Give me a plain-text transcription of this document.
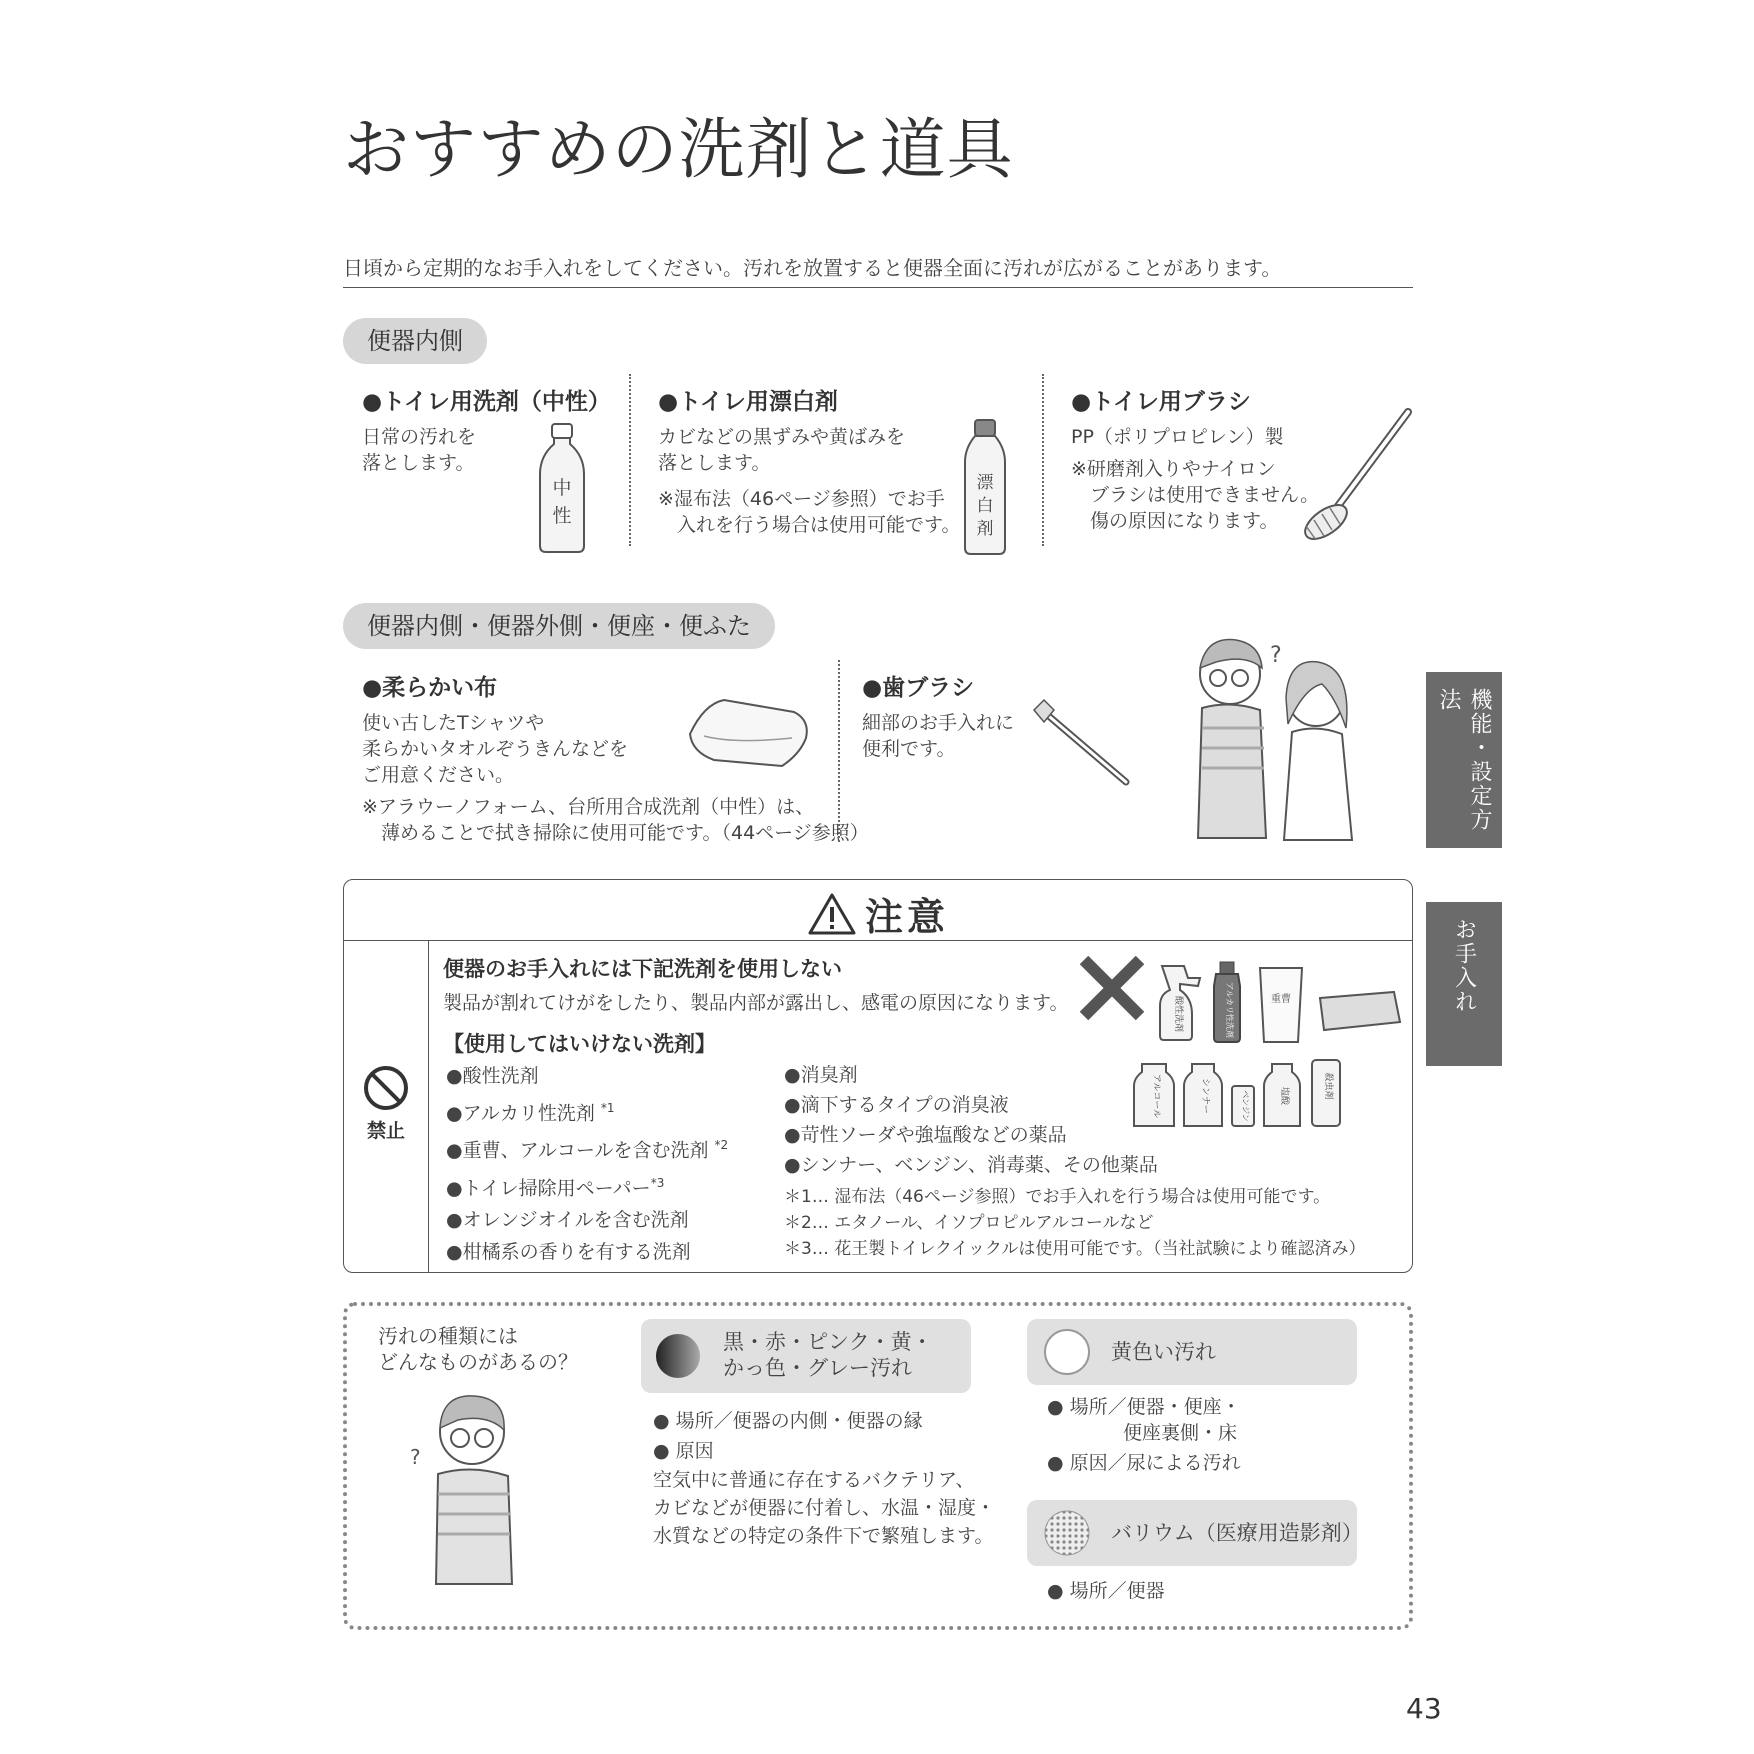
おすすめの洗剤と道具
日頃から定期的なお手入れをしてください。汚れを放置すると便器全面に汚れが広がることがあります。
便器内側
●トイレ用洗剤（中性）
日常の汚れを
落とします。
中
性
●トイレ用漂白剤
カビなどの黒ずみや黄ばみを
落とします。
※湿布法（46ページ参照）でお手
　入れを行う場合は使用可能です。
漂
白
剤
●トイレ用ブラシ
PP（ポリプロピレン）製
※研磨剤入りやナイロン
　ブラシは使用できません。
　傷の原因になります。
便器内側・便器外側・便座・便ふた
●柔らかい布
使い古したTシャツや
柔らかいタオルぞうきんなどを
ご用意ください。
※アラウーノフォーム、台所用合成洗剤（中性）は、
　薄めることで拭き掃除に使用可能です。（44ページ参照）
●歯ブラシ
細部のお手入れに
便利です。
?
機能・設定方法
お手入れ
注意
禁止
便器のお手入れには下記洗剤を使用しない
製品が割れてけがをしたり、製品内部が露出し、感電の原因になります。
【使用してはいけない洗剤】
●酸性洗剤
●アルカリ性洗剤 $^{*1}$
●重曹、アルコールを含む洗剤 $^{*2}$
●トイレ掃除用ペーパー$^{*3}$
●オレンジオイルを含む洗剤
●柑橘系の香りを有する洗剤
●消臭剤
●滴下するタイプの消臭液
●苛性ソーダや強塩酸などの薬品
●シンナー、ベンジン、消毒薬、その他薬品
＊1… 湿布法（46ページ参照）でお手入れを行う場合は使用可能です。
＊2… エタノール、イソプロピルアルコールなど
＊3… 花王製トイレクイックルは使用可能です。（当社試験により確認済み）
酸性洗剤	アルカリ性洗剤	重曹
アルコール	シンナー	ベンジン	塩酸	殺虫剤
汚れの種類には
どんなものがあるの？
?
黒・赤・ピンク・黄・
かっ色・グレー汚れ
● 場所／便器の内側・便器の縁
● 原因
空気中に普通に存在するバクテリア、
カビなどが便器に付着し、水温・湿度・
水質などの特定の条件下で繁殖します。
黄色い汚れ
● 場所／便器・便座・
　　　　便座裏側・床
● 原因／尿による汚れ
バリウム（医療用造影剤）
● 場所／便器
43
